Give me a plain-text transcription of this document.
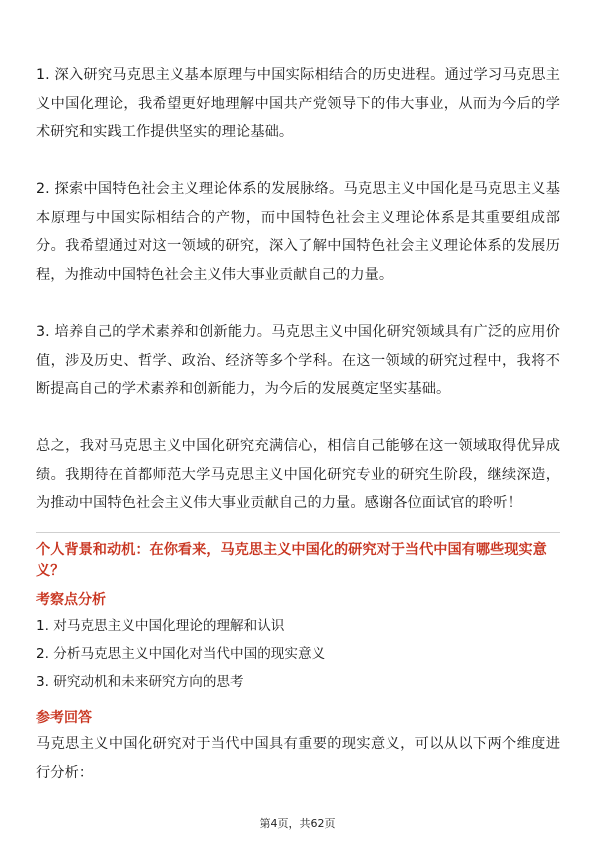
1. 深入研究马克思主义基本原理与中国实际相结合的历史进程。通过学习马克思主义中国化理论，我希望更好地理解中国共产党领导下的伟大事业，从而为今后的学术研究和实践工作提供坚实的理论基础。

2. 探索中国特色社会主义理论体系的发展脉络。马克思主义中国化是马克思主义基本原理与中国实际相结合的产物，而中国特色社会主义理论体系是其重要组成部分。我希望通过对这一领域的研究，深入了解中国特色社会主义理论体系的发展历程，为推动中国特色社会主义伟大事业贡献自己的力量。

3. 培养自己的学术素养和创新能力。马克思主义中国化研究领域具有广泛的应用价值，涉及历史、哲学、政治、经济等多个学科。在这一领域的研究过程中，我将不断提高自己的学术素养和创新能力，为今后的发展奠定坚实基础。

总之，我对马克思主义中国化研究充满信心，相信自己能够在这一领域取得优异成绩。我期待在首都师范大学马克思主义中国化研究专业的研究生阶段，继续深造，为推动中国特色社会主义伟大事业贡献自己的力量。感谢各位面试官的聆听！

个人背景和动机：在你看来，马克思主义中国化的研究对于当代中国有哪些现实意义？

考察点分析

1. 对马克思主义中国化理论的理解和认识

2. 分析马克思主义中国化对当代中国的现实意义

3. 研究动机和未来研究方向的思考

参考回答

马克思主义中国化研究对于当代中国具有重要的现实意义，可以从以下两个维度进行分析：

第4页，共62页
